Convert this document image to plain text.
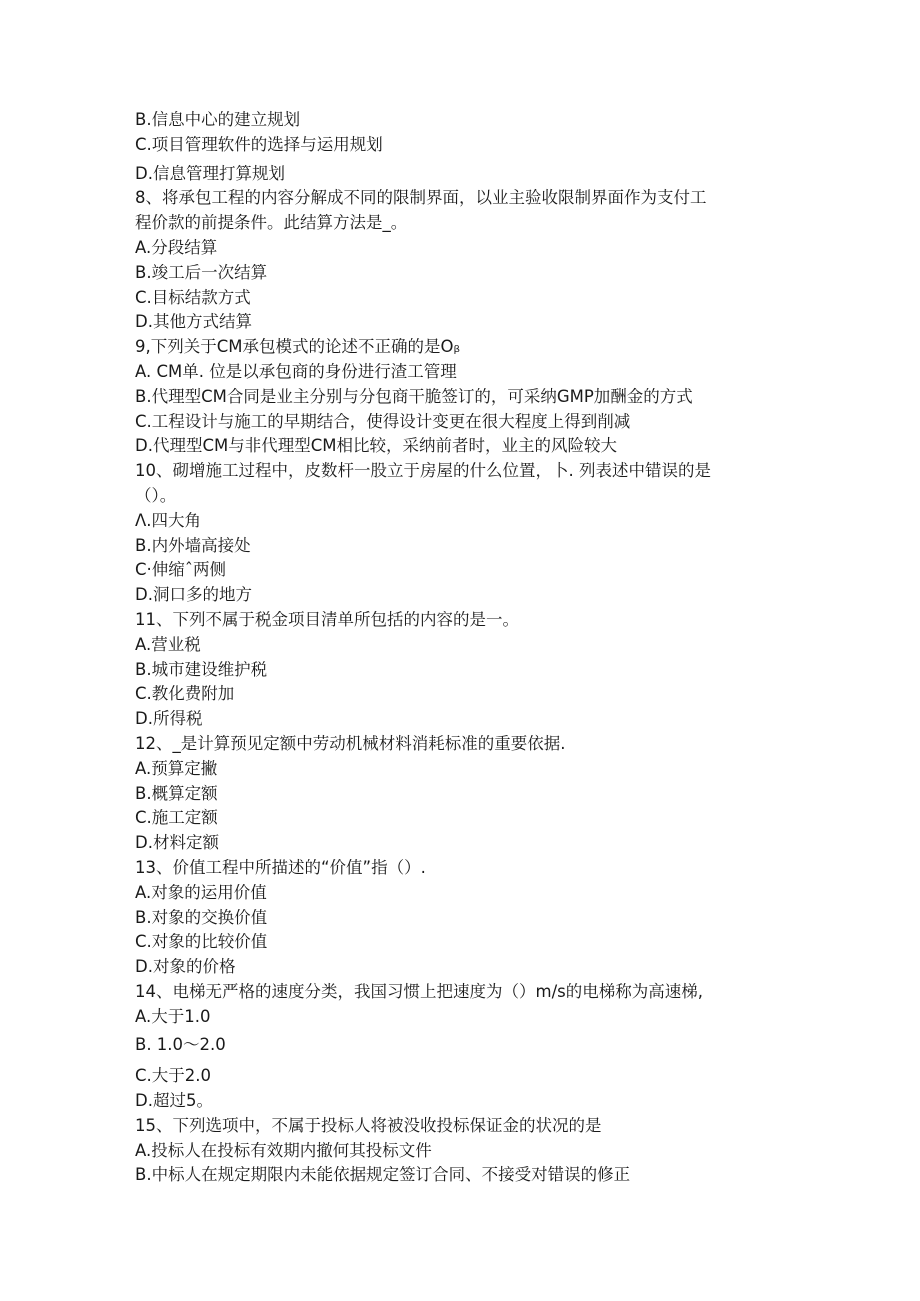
B.信息中心的建立规划
C.项目管理软件的选择与运用规划
D.信息管理打算规划
8、将承包工程的内容分解成不同的限制界面，以业主验收限制界面作为支付工
程价款的前提条件。此结算方法是_。
A.分段结算
B.竣工后一次结算
C.目标结款方式
D.其他方式结算
9,下列关于CM承包模式的论述不正确的是Oᵦ
A. CM单. 位是以承包商的身份进行渣工管理
B.代理型CM合同是业主分别与分包商干脆签订的，可采纳GMP加酬金的方式
C.工程设计与施工的早期结合，使得设计变更在很大程度上得到削减
D.代理型CM与非代理型CM相比较，采纳前者时，业主的风险较大
10、砌增施工过程中，皮数杆一股立于房屋的什么位置，卜. 列表述中错误的是
（）。
Λ.四大角
B.内外墙高接处
C·伸缩ˆ两侧
D.洞口多的地方
11、下列不属于税金项目清单所包括的内容的是一。
A.营业税
B.城市建设维护税
C.教化费附加
D.所得税
12、_是计算预见定额中劳动机械材料消耗标准的重要依据.
A.预算定撇
B.概算定额
C.施工定额
D.材料定额
13、价值工程中所描述的“价值”指（）.
A.对象的运用价值
B.对象的交换价值
C.对象的比较价值
D.对象的价格
14、电梯无严格的速度分类，我国习惯上把速度为（）m/s的电梯称为高速梯,
A.大于1.0
B. 1.0～2.0
C.大于2.0
D.超过5。
15、下列选项中，不属于投标人将被没收投标保证金的状况的是
A.投标人在投标有效期内撤何其投标文件
B.中标人在规定期限内未能依据规定签订合同、不接受对错误的修正
